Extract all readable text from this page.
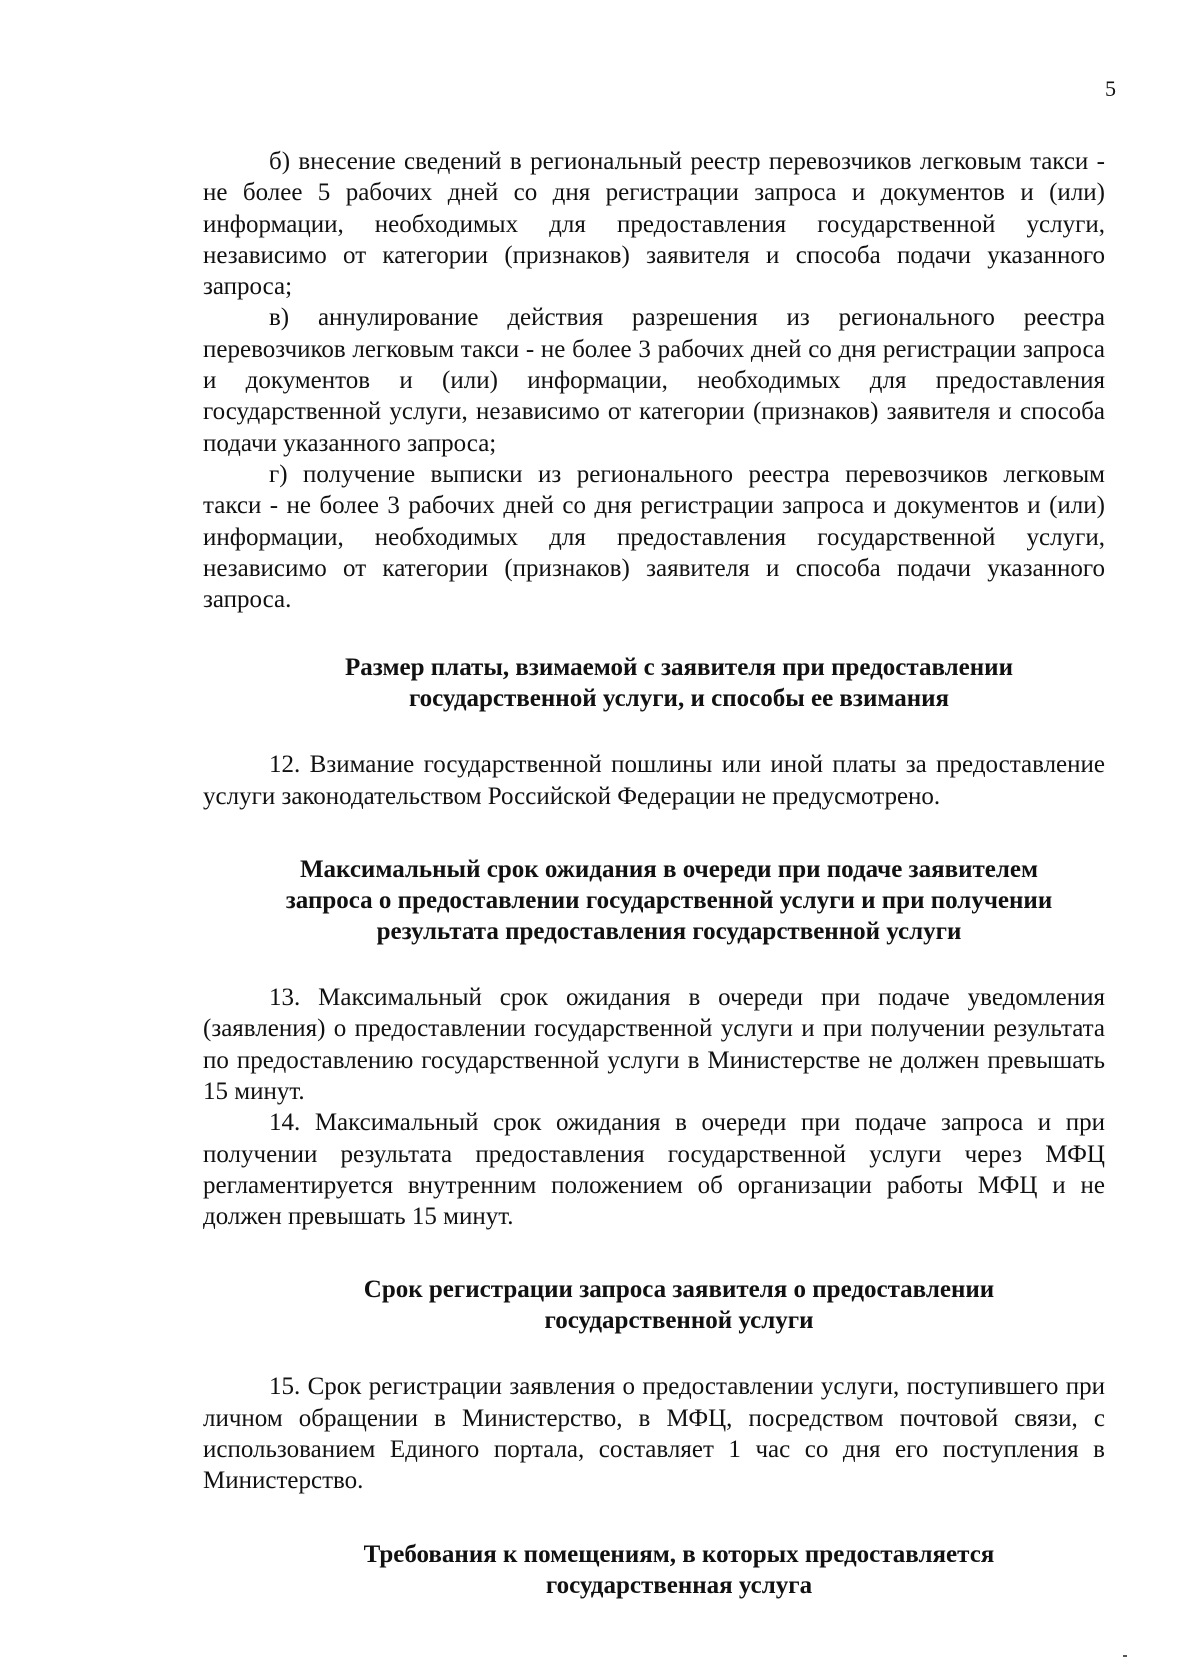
5

б) внесение сведений в региональный реестр перевозчиков легковым такси - не более 5 рабочих дней со дня регистрации запроса и документов и (или) информации, необходимых для предоставления государственной услуги, независимо от категории (признаков) заявителя и способа подачи указанного запроса;

в) аннулирование действия разрешения из регионального реестра перевозчиков легковым такси - не более 3 рабочих дней со дня регистрации запроса и документов и (или) информации, необходимых для предоставления государственной услуги, независимо от категории (признаков) заявителя и способа подачи указанного запроса;

г) получение выписки из регионального реестра перевозчиков легковым такси - не более 3 рабочих дней со дня регистрации запроса и документов и (или) информации, необходимых для предоставления государственной услуги, независимо от категории (признаков) заявителя и способа подачи указанного запроса.

Размер платы, взимаемой с заявителя при предоставлении
государственной услуги, и способы ее взимания

12. Взимание государственной пошлины или иной платы за предоставление услуги законодательством Российской Федерации не предусмотрено.

Максимальный срок ожидания в очереди при подаче заявителем
запроса о предоставлении государственной услуги и при получении
результата предоставления государственной услуги

13. Максимальный срок ожидания в очереди при подаче уведомления (заявления) о предоставлении государственной услуги и при получении результата по предоставлению государственной услуги в Министерстве не должен превышать 15 минут.

14. Максимальный срок ожидания в очереди при подаче запроса и при получении результата предоставления государственной услуги через МФЦ регламентируется внутренним положением об организации работы МФЦ и не должен превышать 15 минут.

Срок регистрации запроса заявителя о предоставлении
государственной услуги

15. Срок регистрации заявления о предоставлении услуги, поступившего при личном обращении в Министерство, в МФЦ, посредством почтовой связи, с использованием Единого портала, составляет 1 час со дня его поступления в Министерство.

Требования к помещениям, в которых предоставляется
государственная услуга
